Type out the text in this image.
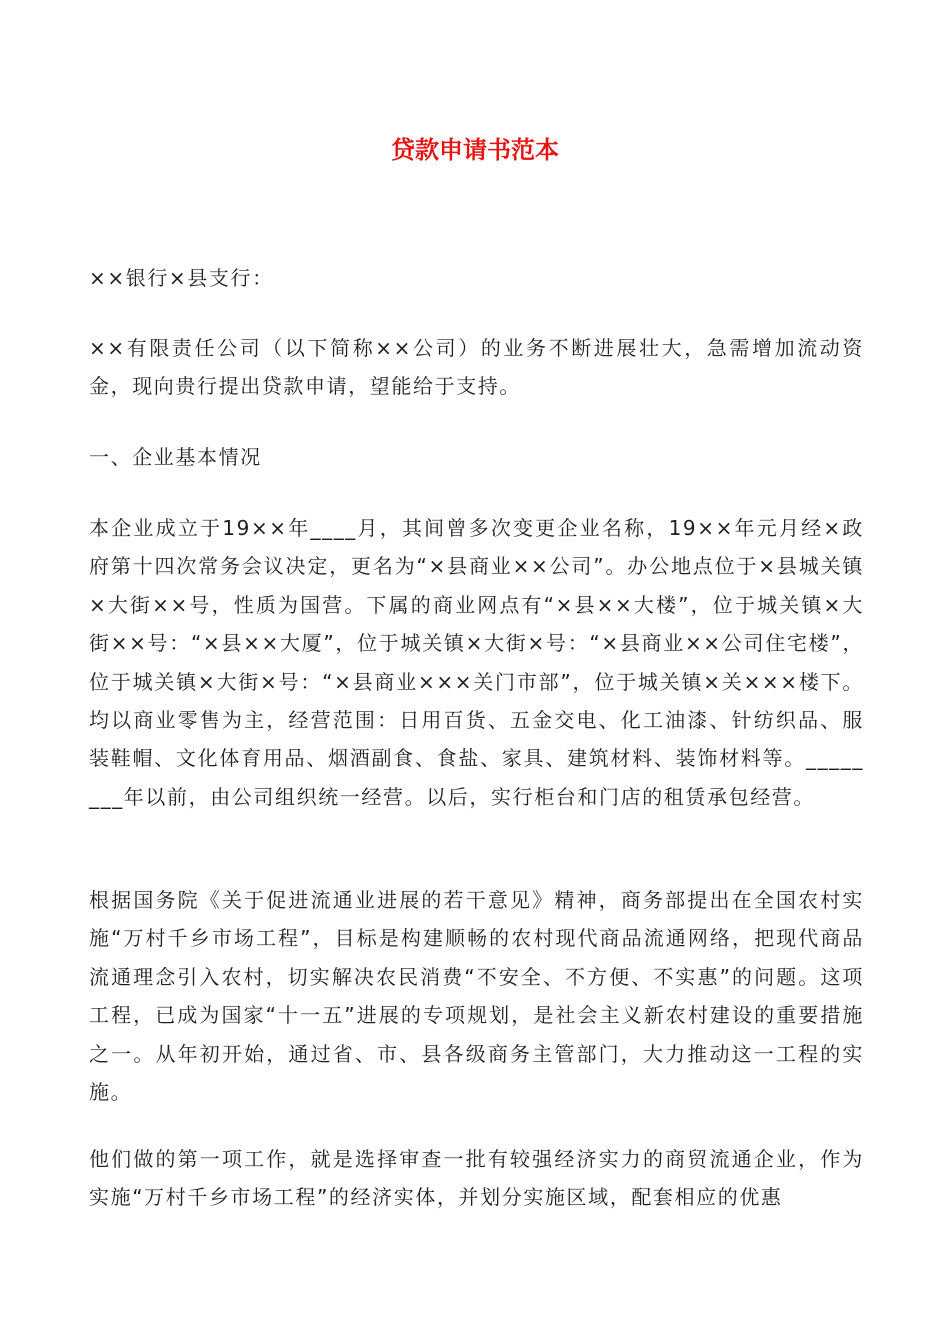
贷款申请书范本

××银行×县支行：

××有限责任公司（以下简称××公司）的业务不断进展壮大，急需增加流动资金，现向贵行提出贷款申请，望能给于支持。

一、企业基本情况

本企业成立于19××年____月，其间曾多次变更企业名称，19××年元月经×政府第十四次常务会议决定，更名为“×县商业××公司”。办公地点位于×县城关镇×大街××号，性质为国营。下属的商业网点有“×县××大楼”，位于城关镇×大街××号：“×县××大厦”，位于城关镇×大街×号：“×县商业××公司住宅楼”，位于城关镇×大街×号：“×县商业×××关门市部”，位于城关镇×关×××楼下。均以商业零售为主，经营范围：日用百货、五金交电、化工油漆、针纺织品、服装鞋帽、文化体育用品、烟酒副食、食盐、家具、建筑材料、装饰材料等。________年以前，由公司组织统一经营。以后，实行柜台和门店的租赁承包经营。

根据国务院《关于促进流通业进展的若干意见》精神，商务部提出在全国农村实施“万村千乡市场工程”，目标是构建顺畅的农村现代商品流通网络，把现代商品流通理念引入农村，切实解决农民消费“不安全、不方便、不实惠”的问题。这项工程，已成为国家“十一五”进展的专项规划，是社会主义新农村建设的重要措施之一。从年初开始，通过省、市、县各级商务主管部门，大力推动这一工程的实施。

他们做的第一项工作，就是选择审查一批有较强经济实力的商贸流通企业，作为实施“万村千乡市场工程”的经济实体，并划分实施区域，配套相应的优惠
